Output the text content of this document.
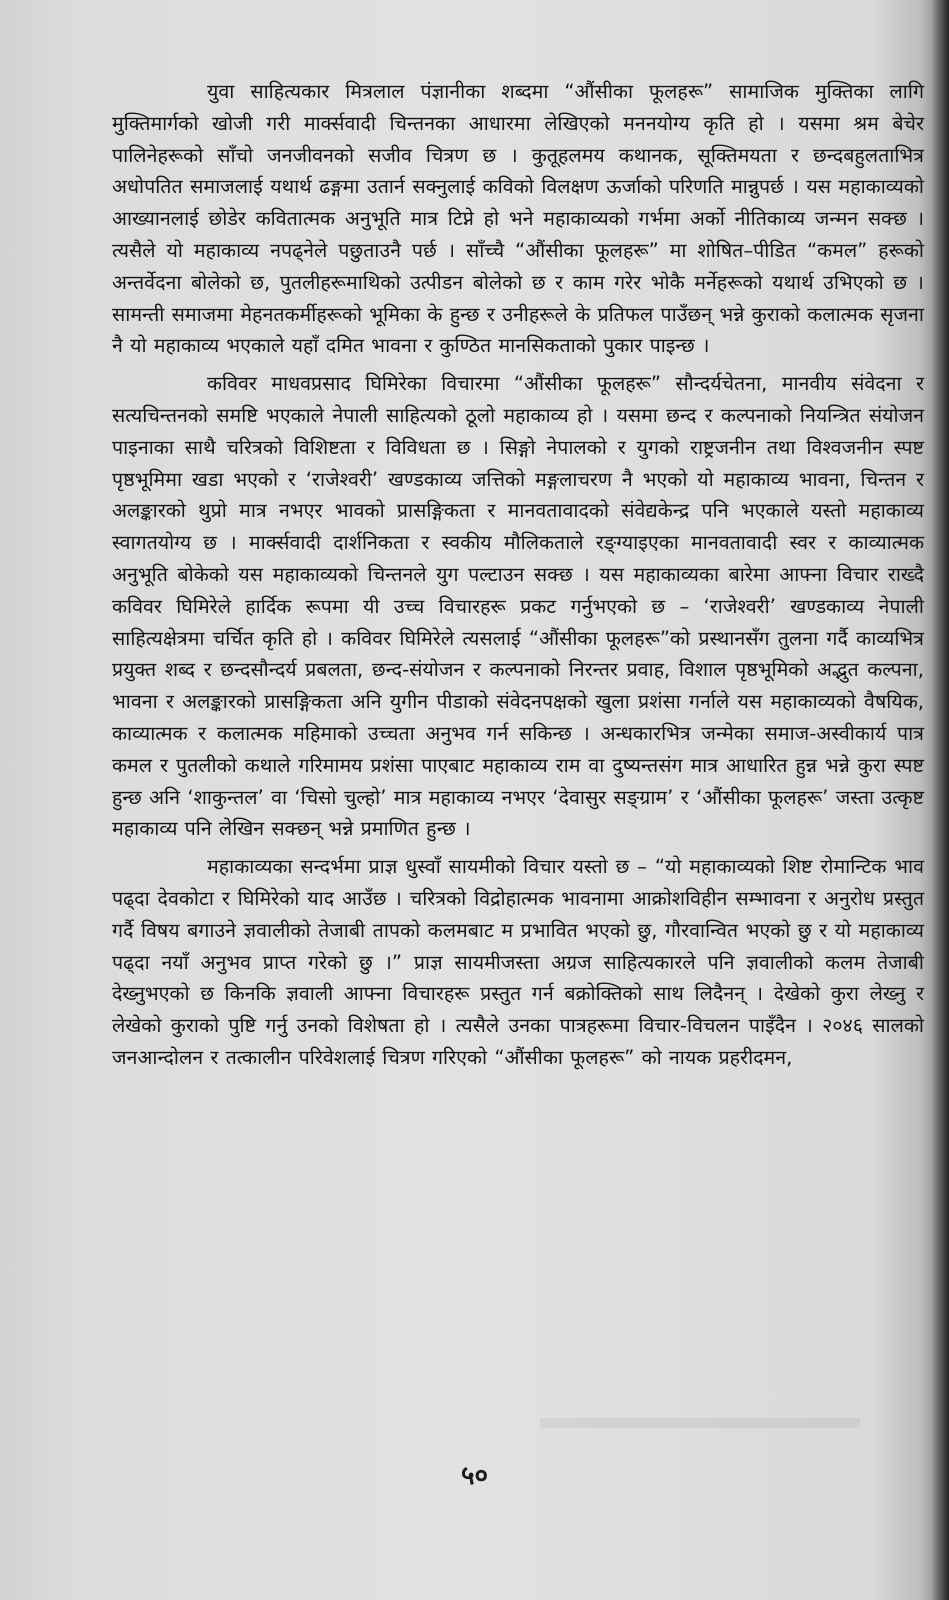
युवा साहित्यकार मित्रलाल पंज्ञानीका शब्दमा “औंसीका फूलहरू” सामाजिक मुक्तिका लागि मुक्तिमार्गको खोजी गरी मार्क्सवादी चिन्तनका आधारमा लेखिएको मननयोग्य कृति हो । यसमा श्रम बेचेर पालिनेहरूको साँचो जनजीवनको सजीव चित्रण छ । कुतूहलमय कथानक, सूक्तिमयता र छन्दबहुलताभित्र अधोपतित समाजलाई यथार्थ ढङ्गमा उतार्न सक्नुलाई कविको विलक्षण ऊर्जाको परिणति मान्नुपर्छ । यस महाकाव्यको आख्यानलाई छोडेर कवितात्मक अनुभूति मात्र टिप्ने हो भने महाकाव्यको गर्भमा अर्को नीतिकाव्य जन्मन सक्छ । त्यसैले यो महाकाव्य नपढ्नेले पछुताउनै पर्छ । साँच्चै “औंसीका फूलहरू” मा शोषित–पीडित “कमल” हरूको अन्तर्वेदना बोलेको छ, पुतलीहरूमाथिको उत्पीडन बोलेको छ र काम गरेर भोकै मर्नेहरूको यथार्थ उभिएको छ । सामन्ती समाजमा मेहनतकर्मीहरूको भूमिका के हुन्छ र उनीहरूले के प्रतिफल पाउँछन् भन्ने कुराको कलात्मक सृजना नै यो महाकाव्य भएकाले यहाँ दमित भावना र कुण्ठित मानसिकताको पुकार पाइन्छ ।

कविवर माधवप्रसाद घिमिरेका विचारमा “औंसीका फूलहरू” सौन्दर्यचेतना, मानवीय संवेदना र सत्यचिन्तनको समष्टि भएकाले नेपाली साहित्यको ठूलो महाकाव्य हो । यसमा छन्द र कल्पनाको नियन्त्रित संयोजन पाइनाका साथै चरित्रको विशिष्टता र विविधता छ । सिङ्गो नेपालको र युगको राष्ट्रजनीन तथा विश्वजनीन स्पष्ट पृष्ठभूमिमा खडा भएको र ‘राजेश्वरी’ खण्डकाव्य जत्तिको मङ्गलाचरण नै भएको यो महाकाव्य भावना, चिन्तन र अलङ्कारको थुप्रो मात्र नभएर भावको प्रासङ्गिकता र मानवतावादको संवेद्यकेन्द्र पनि भएकाले यस्तो महाकाव्य स्वागतयोग्य छ । मार्क्सवादी दार्शनिकता र स्वकीय मौलिकताले रङ्ग्याइएका मानवतावादी स्वर र काव्यात्मक अनुभूति बोकेको यस महाकाव्यको चिन्तनले युग पल्टाउन सक्छ । यस महाकाव्यका बारेमा आफ्ना विचार राख्दै कविवर घिमिरेले हार्दिक रूपमा यी उच्च विचारहरू प्रकट गर्नुभएको छ – ‘राजेश्वरी’ खण्डकाव्य नेपाली साहित्यक्षेत्रमा चर्चित कृति हो । कविवर घिमिरेले त्यसलाई “औंसीका फूलहरू”को प्रस्थानसँग तुलना गर्दै काव्यभित्र प्रयुक्त शब्द र छन्दसौन्दर्य प्रबलता, छन्द-संयोजन र कल्पनाको निरन्तर प्रवाह, विशाल पृष्ठभूमिको अद्भुत कल्पना, भावना र अलङ्कारको प्रासङ्गिकता अनि युगीन पीडाको संवेदनपक्षको खुला प्रशंसा गर्नाले यस महाकाव्यको वैषयिक, काव्यात्मक र कलात्मक महिमाको उच्चता अनुभव गर्न सकिन्छ । अन्धकारभित्र जन्मेका समाज-अस्वीकार्य पात्र कमल र पुतलीको कथाले गरिमामय प्रशंसा पाएबाट महाकाव्य राम वा दुष्यन्तसंग मात्र आधारित हुन्न भन्ने कुरा स्पष्ट हुन्छ अनि ‘शाकुन्तल’ वा ‘चिसो चुल्हो’ मात्र महाकाव्य नभएर ‘देवासुर सङ्ग्राम’ र ‘औंसीका फूलहरू’ जस्ता उत्कृष्ट महाकाव्य पनि लेखिन सक्छन् भन्ने प्रमाणित हुन्छ ।

महाकाव्यका सन्दर्भमा प्राज्ञ धुस्वाँ सायमीको विचार यस्तो छ – “यो महाकाव्यको शिष्ट रोमान्टिक भाव पढ्दा देवकोटा र घिमिरेको याद आउँछ । चरित्रको विद्रोहात्मक भावनामा आक्रोशविहीन सम्भावना र अनुरोध प्रस्तुत गर्दै विषय बगाउने ज्ञवालीको तेजाबी तापको कलमबाट म प्रभावित भएको छु, गौरवान्वित भएको छु र यो महाकाव्य पढ्दा नयाँ अनुभव प्राप्त गरेको छु ।” प्राज्ञ सायमीजस्ता अग्रज साहित्यकारले पनि ज्ञवालीको कलम तेजाबी देख्नुभएको छ किनकि ज्ञवाली आफ्ना विचारहरू प्रस्तुत गर्न बक्रोक्तिको साथ लिदैनन् । देखेको कुरा लेख्नु र लेखेको कुराको पुष्टि गर्नु उनको विशेषता हो । त्यसैले उनका पात्रहरूमा विचार-विचलन पाइँदैन । २०४६ सालको जनआन्दोलन र तत्कालीन परिवेशलाई चित्रण गरिएको “औंसीका फूलहरू” को नायक प्रहरीदमन,

५०
